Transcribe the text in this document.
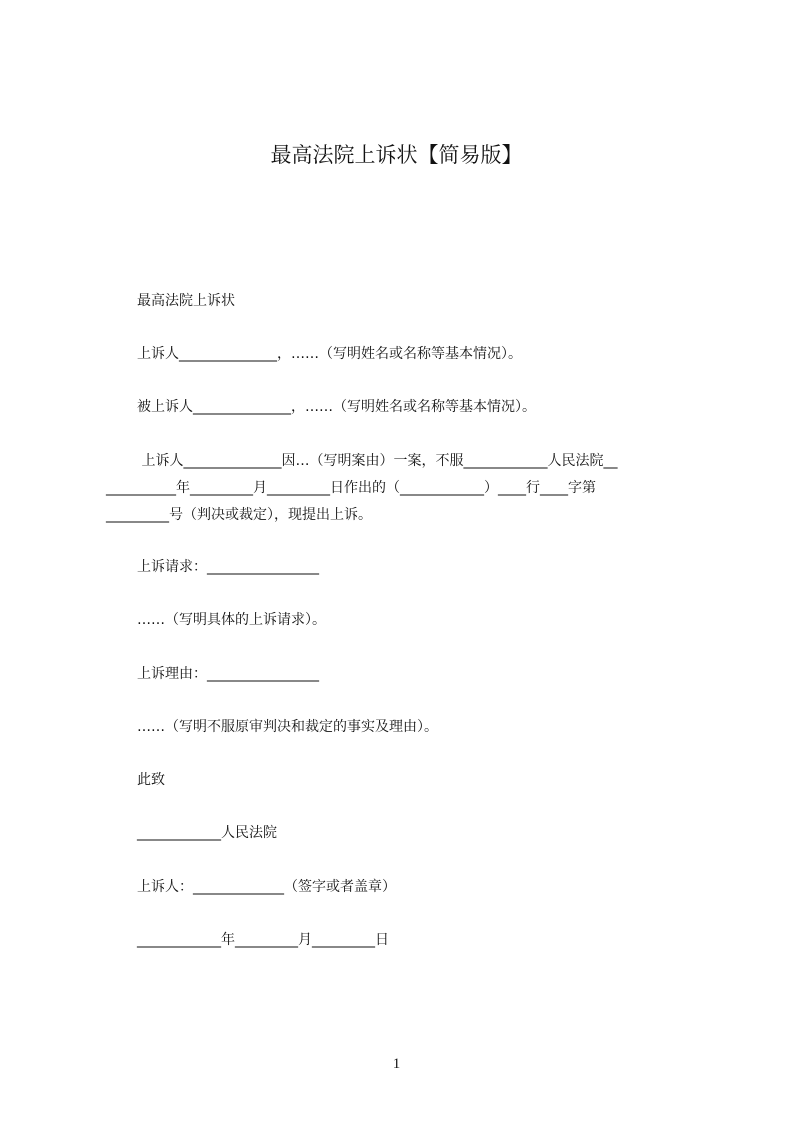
最高法院上诉状【简易版】
最高法院上诉状
上诉人______________，……（写明姓名或名称等基本情况）。
被上诉人______________，……（写明姓名或名称等基本情况）。
上诉人______________因…（写明案由）一案，不服____________人民法院__
__________年_________月_________日作出的（____________）____行____字第
_________号（判决或裁定），现提出上诉。
上诉请求：________________
……（写明具体的上诉请求）。
上诉理由：________________
……（写明不服原审判决和裁定的事实及理由）。
此致
____________人民法院
上诉人：_____________（签字或者盖章）
____________年_________月_________日
1
